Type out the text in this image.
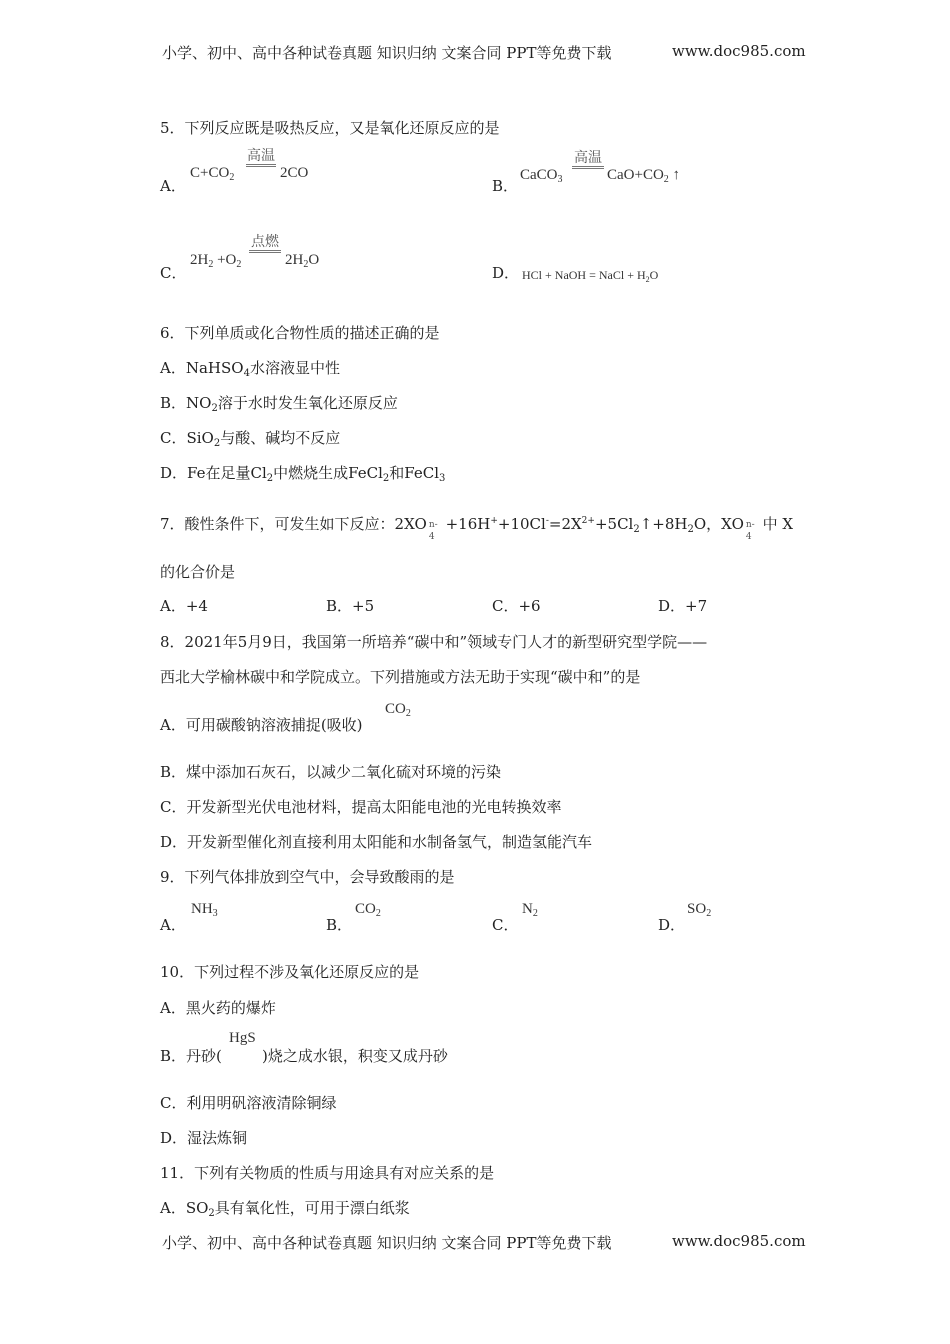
小学、初中、高中各种试卷真题 知识归纳 文案合同 PPT等免费下载	www.doc985.com
5．下列反应既是吸热反应，又是氧化还原反应的是
A．
$C+CO_2$
高温
2CO
B．
CaCO$_3$
高温
$CaO+CO_2$ ↑
C．
$2H_2 +O_2$
点燃
$2H_2O$
D． HCl + NaOH = NaCl + $H_2O$
6．下列单质或化合物性质的描述正确的是
A．NaHSO$_4$水溶液显中性
B．$NO_2$溶于水时发生氧化还原反应
C．SiO$_2$与酸、碱均不反应
D．Fe在足量$Cl_2$中燃烧生成FeCl$_2$和FeCl$_3$
7．酸性条件下，可发生如下反应：2XO n-
4
$+16H^++10Cl^-=2X^{2+}+5Cl_2↑+8H_2O$，XO n-
4
中 X
的化合价是
A．+4	B．+5	C．+6	D．+7
8．2021年5月9日，我国第一所培养“碳中和”领域专门人才的新型研究型学院——
西北大学榆林碳中和学院成立。下列措施或方法无助于实现“碳中和”的是
A．可用碳酸钠溶液捕捉(吸收)
$CO_2$
B．煤中添加石灰石，以减少二氧化硫对环境的污染
C．开发新型光伏电池材料，提高太阳能电池的光电转换效率
D．开发新型催化剂直接利用太阳能和水制备氢气，制造氢能汽车
9．下列气体排放到空气中，会导致酸雨的是
A．
$NH_3$
B．
$CO_2$
C．
$N_2$
D．
$SO_2$
10．下列过程不涉及氧化还原反应的是
A．黑火药的爆炸
B．丹砂(
HgS
)烧之成水银，积变又成丹砂
C．利用明矾溶液清除铜绿
D．湿法炼铜
11．下列有关物质的性质与用途具有对应关系的是
A．$SO_2$具有氧化性，可用于漂白纸浆
小学、初中、高中各种试卷真题 知识归纳 文案合同 PPT等免费下载	www.doc985.com
